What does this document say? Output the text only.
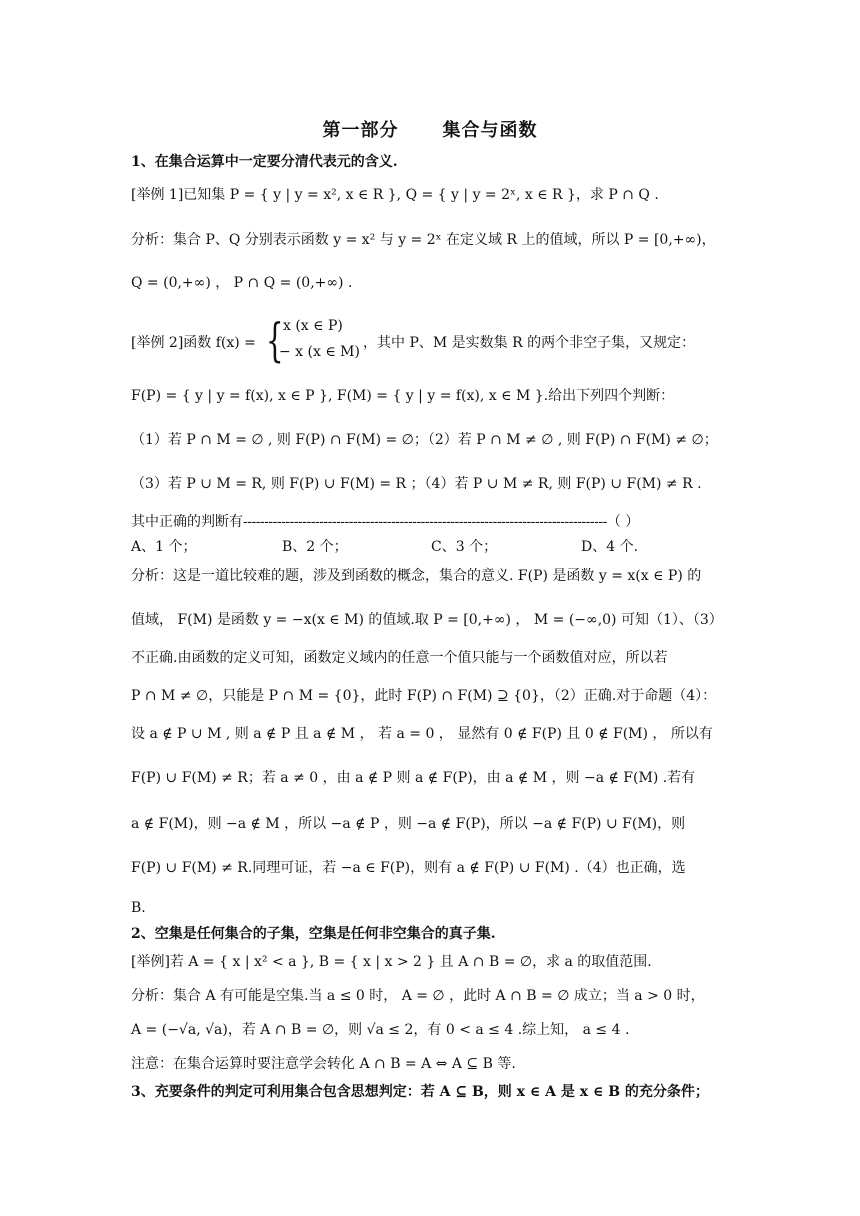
第一部分 集合与函数
1、在集合运算中一定要分清代表元的含义.
[举例 1]已知集 P = { y | y = x², x ∈ R }, Q = { y | y = 2ˣ, x ∈ R }，求 P ∩ Q .
分析：集合 P、Q 分别表示函数 y = x² 与 y = 2ˣ 在定义域 R 上的值域，所以 P = [0,+∞)，
Q = (0,+∞) ， P ∩ Q = (0,+∞) .
[举例 2]函数 f(x) = { x (x ∈ P)
− x (x ∈ M)
，其中 P、M 是实数集 R 的两个非空子集，又规定：
F(P) = { y | y = f(x), x ∈ P }, F(M) = { y | y = f(x), x ∈ M }.给出下列四个判断：
（1）若 P ∩ M = ∅ , 则 F(P) ∩ F(M) = ∅；（2）若 P ∩ M ≠ ∅ , 则 F(P) ∩ F(M) ≠ ∅；
（3）若 P ∪ M = R, 则 F(P) ∪ F(M) = R ；（4）若 P ∪ M ≠ R, 则 F(P) ∪ F(M) ≠ R .
其中正确的判断有--------------------------------------------------------------------------------------（ ）
A、1 个；	B、2 个；	C、3 个；	D、4 个.
分析：这是一道比较难的题，涉及到函数的概念，集合的意义. F(P) 是函数 y = x(x ∈ P) 的
值域， F(M) 是函数 y = −x(x ∈ M) 的值域.取 P = [0,+∞) ， M = (−∞,0) 可知（1）、（3）
不正确.由函数的定义可知，函数定义域内的任意一个值只能与一个函数值对应，所以若
P ∩ M ≠ ∅，只能是 P ∩ M = {0}，此时 F(P) ∩ F(M) ⊇ {0}，（2）正确.对于命题（4）：
设 a ∉ P ∪ M , 则 a ∉ P 且 a ∉ M ， 若 a = 0 ， 显然有 0 ∉ F(P) 且 0 ∉ F(M) ， 所以有
F(P) ∪ F(M) ≠ R；若 a ≠ 0 ，由 a ∉ P 则 a ∉ F(P)，由 a ∉ M ，则 −a ∉ F(M) .若有
a ∉ F(M)，则 −a ∉ M ，所以 −a ∉ P ，则 −a ∉ F(P)，所以 −a ∉ F(P) ∪ F(M)，则
F(P) ∪ F(M) ≠ R.同理可证，若 −a ∈ F(P)，则有 a ∉ F(P) ∪ F(M) .（4）也正确，选
B.
2、空集是任何集合的子集，空集是任何非空集合的真子集.
[举例]若 A = { x | x² < a }, B = { x | x > 2 } 且 A ∩ B = ∅，求 a 的取值范围.
分析：集合 A 有可能是空集.当 a ≤ 0 时， A = ∅ ，此时 A ∩ B = ∅ 成立；当 a > 0 时，
A = (−√a, √a)，若 A ∩ B = ∅，则 √a ≤ 2，有 0 < a ≤ 4 .综上知， a ≤ 4 .
注意：在集合运算时要注意学会转化 A ∩ B = A ⇔ A ⊆ B 等.
3、充要条件的判定可利用集合包含思想判定：若 A ⊆ B，则 x ∈ A 是 x ∈ B 的充分条件；
